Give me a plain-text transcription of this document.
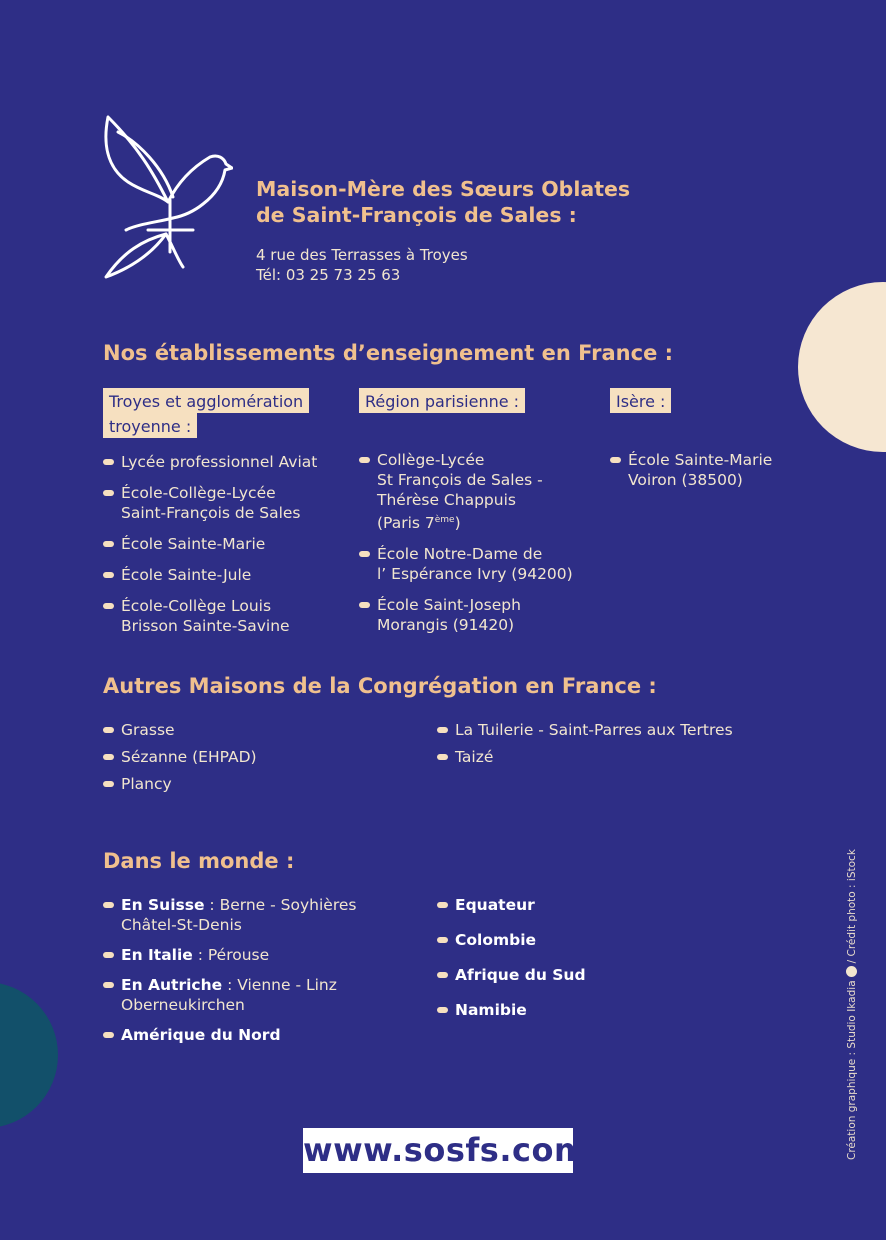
Maison-Mère des Sœurs Oblates
de Saint-François de Sales :
4 rue des Terrasses à Troyes
Tél: 03 25 73 25 63
Nos établissements d’enseignement en France :
Troyes et agglomération
troyenne :
Lycée professionnel Aviat
École-Collège-Lycée
Saint-François de Sales
École Sainte-Marie
École Sainte-Jule
École-Collège Louis
Brisson Sainte-Savine
Région parisienne :
Collège-Lycée
St François de Sales -
Thérèse Chappuis
(Paris 7ème)
École Notre-Dame de
l’ Espérance Ivry (94200)
École Saint-Joseph
Morangis (91420)
Isère :
École Sainte-Marie
Voiron (38500)
Autres Maisons de la Congrégation en France :
Grasse
Sézanne (EHPAD)
Plancy
La Tuilerie - Saint-Parres aux Tertres
Taizé
Dans le monde :
En Suisse : Berne - Soyhières
Châtel-St-Denis
En Italie : Pérouse
En Autriche : Vienne - Linz
Oberneukirchen
Amérique du Nord
Equateur
Colombie
Afrique du Sud
Namibie
www.sosfs.com	Création graphique : Studio Ikadia/ Crédit photo : iStock
